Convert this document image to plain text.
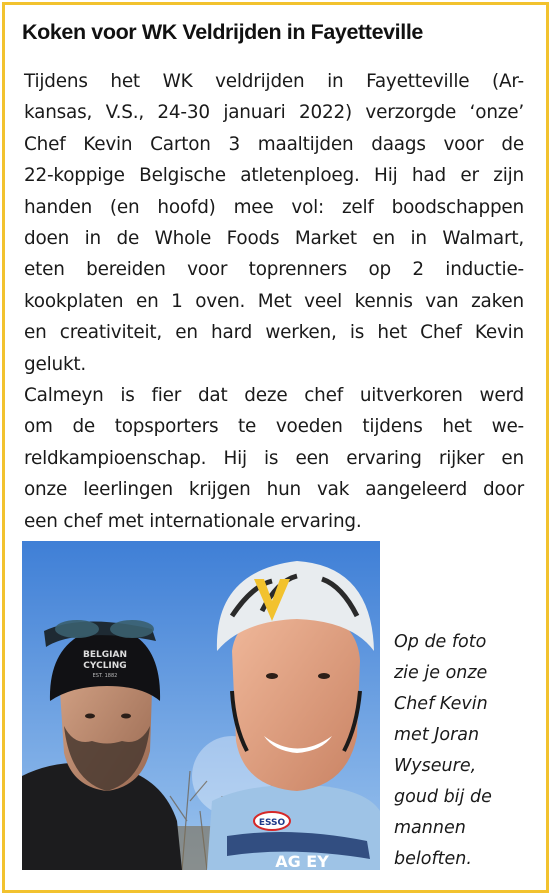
Koken voor WK Veldrijden in Fayetteville
Tijdens het WK veldrijden in Fayetteville (Ar-
kansas, V.S., 24-30 januari 2022) verzorgde ‘onze’
Chef Kevin Carton 3 maaltijden daags voor de
22-koppige Belgische atletenploeg. Hij had er zijn
handen (en hoofd) mee vol: zelf boodschappen
doen in de Whole Foods Market en in Walmart,
eten bereiden voor toprenners op 2 inductie-
kookplaten en 1 oven. Met veel kennis van zaken
en creativiteit, en hard werken, is het Chef Kevin
gelukt.
Calmeyn is fier dat deze chef uitverkoren werd
om de topsporters te voeden tijdens het we-
reldkampioenschap. Hij is een ervaring rijker en
onze leerlingen krijgen hun vak aangeleerd door
een chef met internationale ervaring.
BELGIAN
CYCLING
EST. 1882
ESSO
AG EY
Op de foto
zie je onze
Chef Kevin
met Joran
Wyseure,
goud bij de
mannen
beloften.
